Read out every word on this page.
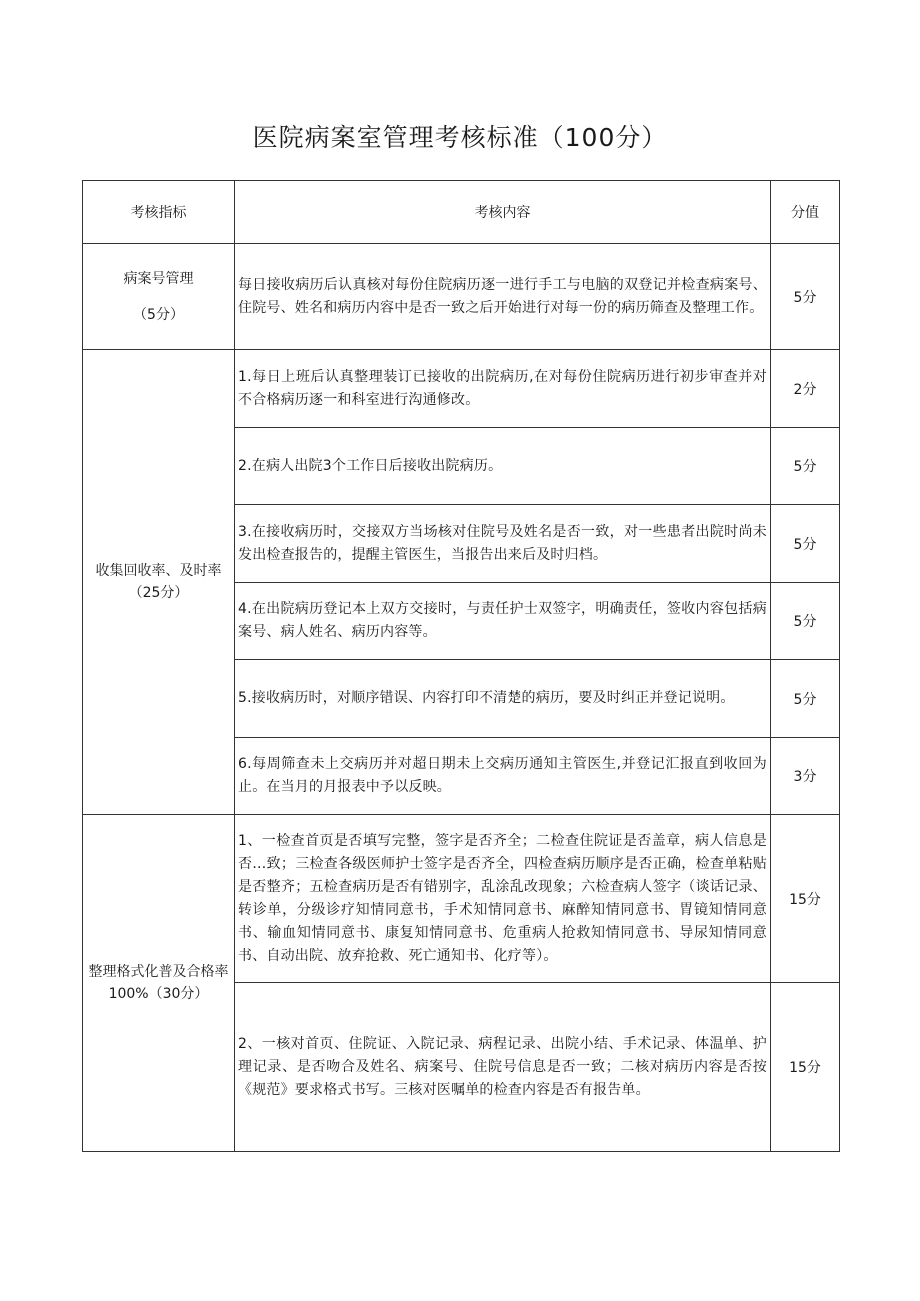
医院病案室管理考核标准（100分）
考核指标	考核内容	分值
病案号管理
（5分）	每日接收病历后认真核对每份住院病历逐一进行手工与电脑的双登记并检查病案号、住院号、姓名和病历内容中是否一致之后开始进行对每一份的病历筛查及整理工作。	5分
收集回收率、及时率
（25分）	1.每日上班后认真整理装订已接收的出院病历,在对每份住院病历进行初步审查并对不合格病历逐一和科室进行沟通修改。	2分
	2.在病人出院3个工作日后接收出院病历。	5分
	3.在接收病历时，交接双方当场核对住院号及姓名是否一致，对一些患者出院时尚未发出检查报告的，提醒主管医生，当报告出来后及时归档。	5分
	4.在出院病历登记本上双方交接时，与责任护士双签字，明确责任，签收内容包括病案号、病人姓名、病历内容等。	5分
	5.接收病历时，对顺序错误、内容打印不清楚的病历，要及时纠正并登记说明。	5分
	6.每周筛查未上交病历并对超日期未上交病历通知主管医生,并登记汇报直到收回为止。在当月的月报表中予以反映。	3分
整理格式化普及合格率100%（30分）	1、一检查首页是否填写完整，签字是否齐全；二检查住院证是否盖章，病人信息是否…致；三检查各级医师护士签字是否齐全，四检查病历顺序是否正确，检查单粘贴是否整齐；五检查病历是否有错别字，乱涂乱改现象；六检查病人签字（谈话记录、转诊单，分级诊疗知情同意书，手术知情同意书、麻醉知情同意书、胃镜知情同意书、输血知情同意书、康复知情同意书、危重病人抢救知情同意书、导尿知情同意书、自动出院、放弃抢救、死亡通知书、化疗等）。	15分
	2、一核对首页、住院证、入院记录、病程记录、出院小结、手术记录、体温单、护理记录、是否吻合及姓名、病案号、住院号信息是否一致；二核对病历内容是否按《规范》要求格式书写。三核对医嘱单的检查内容是否有报告单。	15分
